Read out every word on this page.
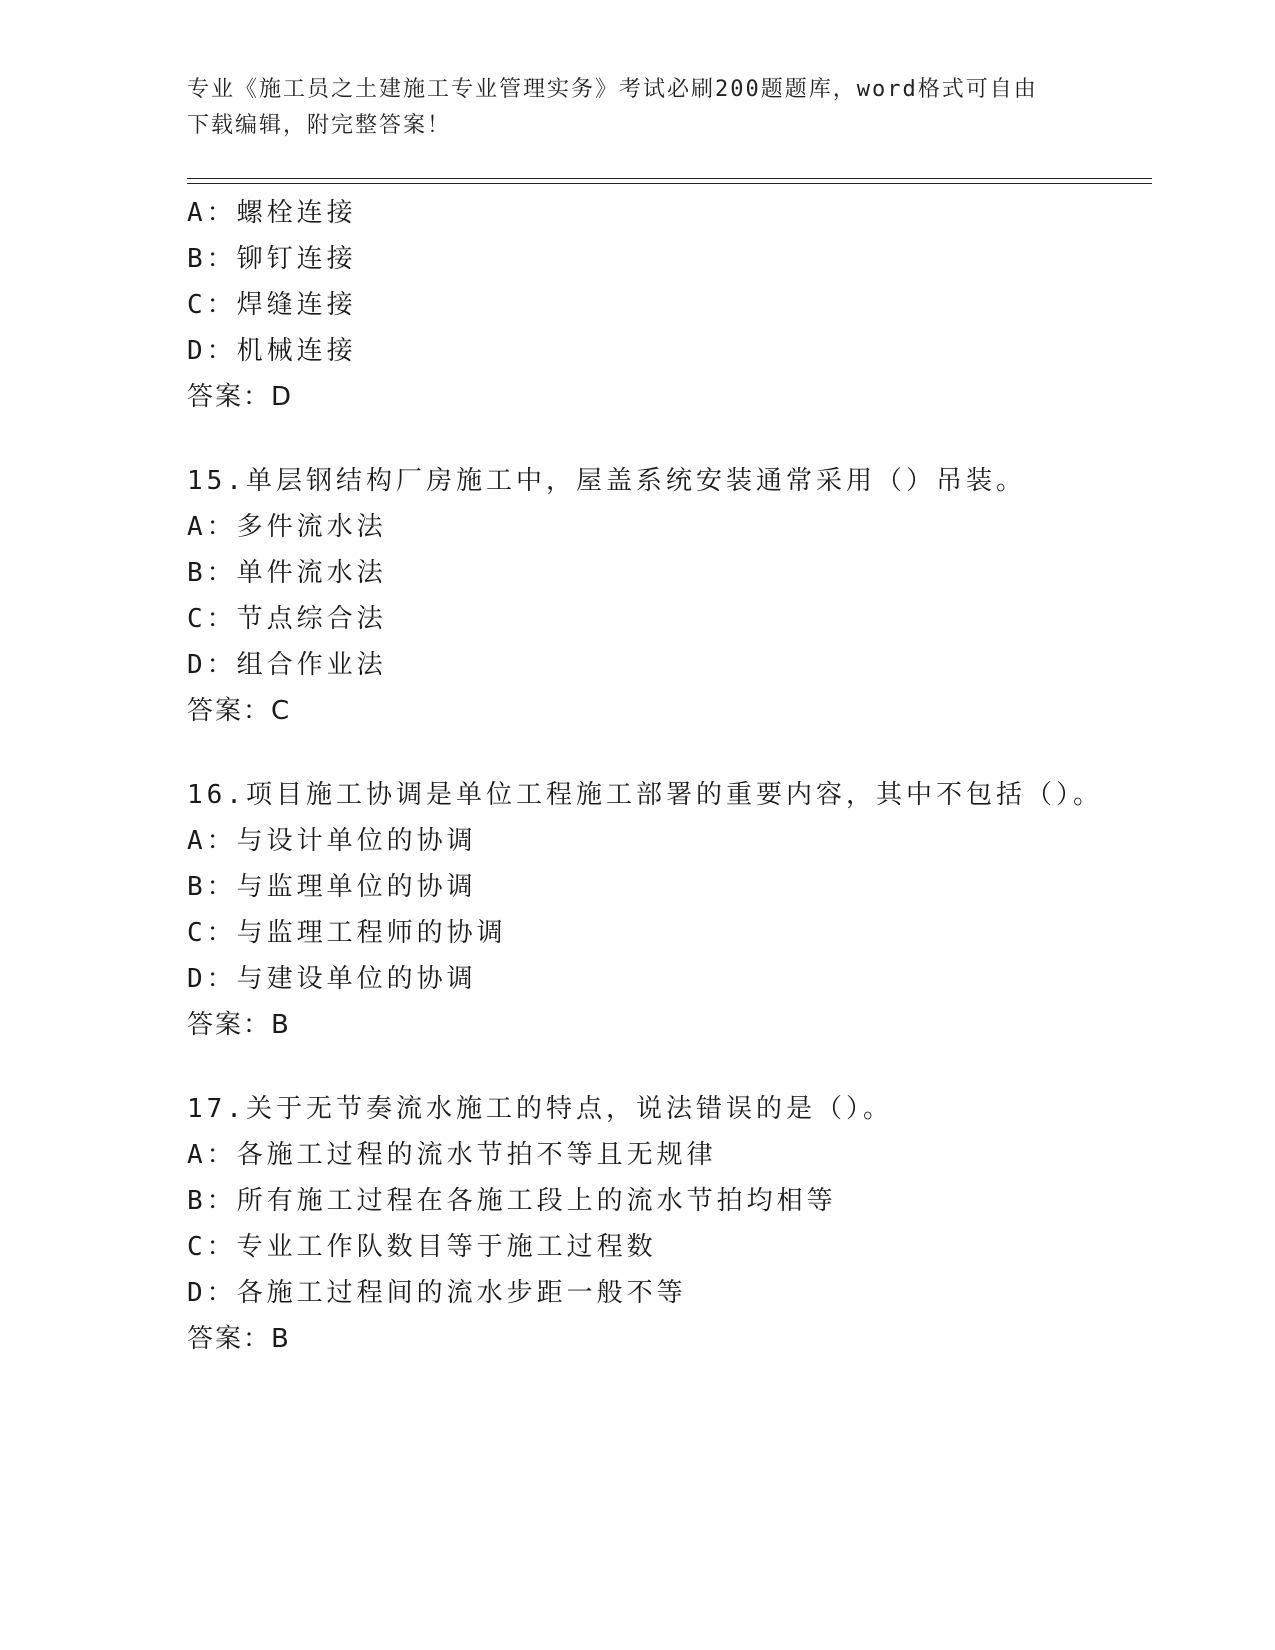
专业《施工员之土建施工专业管理实务》考试必刷200题题库，word格式可自由
下载编辑，附完整答案！
A：螺栓连接
B：铆钉连接
C：焊缝连接
D：机械连接
答案：D
15.单层钢结构厂房施工中，屋盖系统安装通常采用（）吊装。
A：多件流水法
B：单件流水法
C：节点综合法
D：组合作业法
答案：C
16.项目施工协调是单位工程施工部署的重要内容，其中不包括（）。
A：与设计单位的协调
B：与监理单位的协调
C：与监理工程师的协调
D：与建设单位的协调
答案：B
17.关于无节奏流水施工的特点，说法错误的是（）。
A：各施工过程的流水节拍不等且无规律
B：所有施工过程在各施工段上的流水节拍均相等
C：专业工作队数目等于施工过程数
D：各施工过程间的流水步距一般不等
答案：B
